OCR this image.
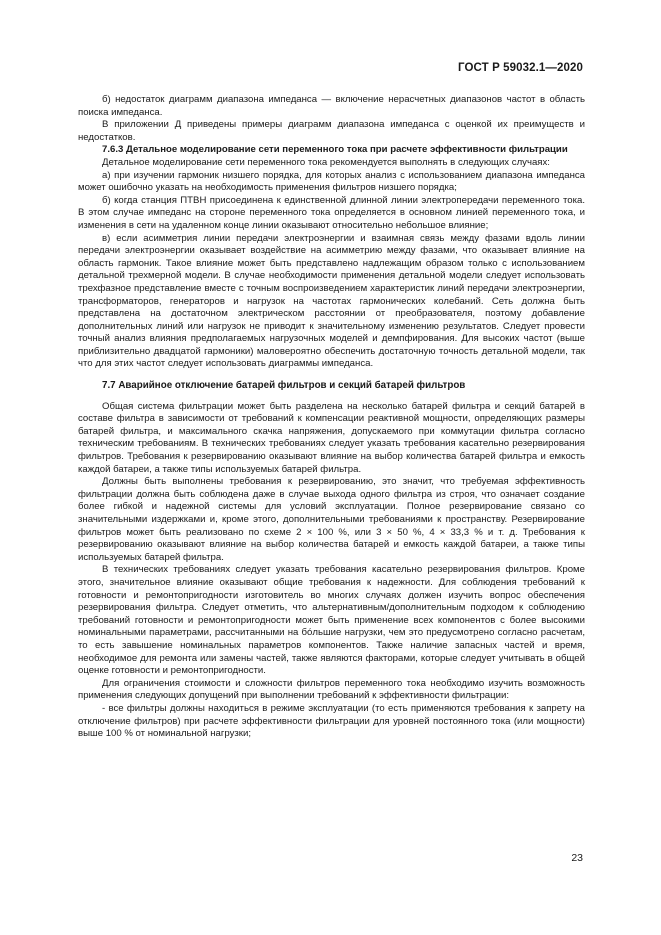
ГОСТ Р 59032.1—2020

б) недостаток диаграмм диапазона импеданса — включение нерасчетных диапазонов частот в область поиска импеданса.

В приложении Д приведены примеры диаграмм диапазона импеданса с оценкой их преимуществ и недостатков.

7.6.3 Детальное моделирование сети переменного тока при расчете эффективности фильтрации

Детальное моделирование сети переменного тока рекомендуется выполнять в следующих случаях:

а) при изучении гармоник низшего порядка, для которых анализ с использованием диапазона импеданса может ошибочно указать на необходимость применения фильтров низшего порядка;

б) когда станция ПТВН присоединена к единственной длинной линии электропередачи переменного тока. В этом случае импеданс на стороне переменного тока определяется в основном линией переменного тока, и изменения в сети на удаленном конце линии оказывают относительно небольшое влияние;

в) если асимметрия линии передачи электроэнергии и взаимная связь между фазами вдоль линии передачи электроэнергии оказывает воздействие на асимметрию между фазами, что оказывает влияние на область гармоник. Такое влияние может быть представлено надлежащим образом только с использованием детальной трехмерной модели. В случае необходимости применения детальной модели следует использовать трехфазное представление вместе с точным воспроизведением характеристик линий передачи электроэнергии, трансформаторов, генераторов и нагрузок на частотах гармонических колебаний. Сеть должна быть представлена на достаточном электрическом расстоянии от преобразователя, поэтому добавление дополнительных линий или нагрузок не приводит к значительному изменению результатов. Следует провести точный анализ влияния предполагаемых нагрузочных моделей и демпфирования. Для высоких частот (выше приблизительно двадцатой гармоники) маловероятно обеспечить достаточную точность детальной модели, так что для этих частот следует использовать диаграммы импеданса.

7.7 Аварийное отключение батарей фильтров и секций батарей фильтров

Общая система фильтрации может быть разделена на несколько батарей фильтра и секций батарей в составе фильтра в зависимости от требований к компенсации реактивной мощности, определяющих размеры батарей фильтра, и максимального скачка напряжения, допускаемого при коммутации фильтра согласно техническим требованиям. В технических требованиях следует указать требования касательно резервирования фильтров. Требования к резервированию оказывают влияние на выбор количества батарей фильтра и емкость каждой батареи, а также типы используемых батарей фильтра.

Должны быть выполнены требования к резервированию, это значит, что требуемая эффективность фильтрации должна быть соблюдена даже в случае выхода одного фильтра из строя, что означает создание более гибкой и надежной системы для условий эксплуатации. Полное резервирование связано со значительными издержками и, кроме этого, дополнительными требованиями к пространству. Резервирование фильтров может быть реализовано по схеме 2 × 100 %, или 3 × 50 %, 4 × 33,3 % и т. д. Требования к резервированию оказывают влияние на выбор количества батарей и емкость каждой батареи, а также типы используемых батарей фильтра.

В технических требованиях следует указать требования касательно резервирования фильтров. Кроме этого, значительное влияние оказывают общие требования к надежности. Для соблюдения требований к готовности и ремонтопригодности изготовитель во многих случаях должен изучить вопрос обеспечения резервирования фильтра. Следует отметить, что альтернативным/дополнительным подходом к соблюдению требований готовности и ремонтопригодности может быть применение всех компонентов с более высокими номинальными параметрами, рассчитанными на бо́льшие нагрузки, чем это предусмотрено согласно расчетам, то есть завышение номинальных параметров компонентов. Также наличие запасных частей и время, необходимое для ремонта или замены частей, также являются факторами, которые следует учитывать в общей оценке готовности и ремонтопригодности.

Для ограничения стоимости и сложности фильтров переменного тока необходимо изучить возможность применения следующих допущений при выполнении требований к эффективности фильтрации:

- все фильтры должны находиться в режиме эксплуатации (то есть применяются требования к запрету на отключение фильтров) при расчете эффективности фильтрации для уровней постоянного тока (или мощности) выше 100 % от номинальной нагрузки;

23
